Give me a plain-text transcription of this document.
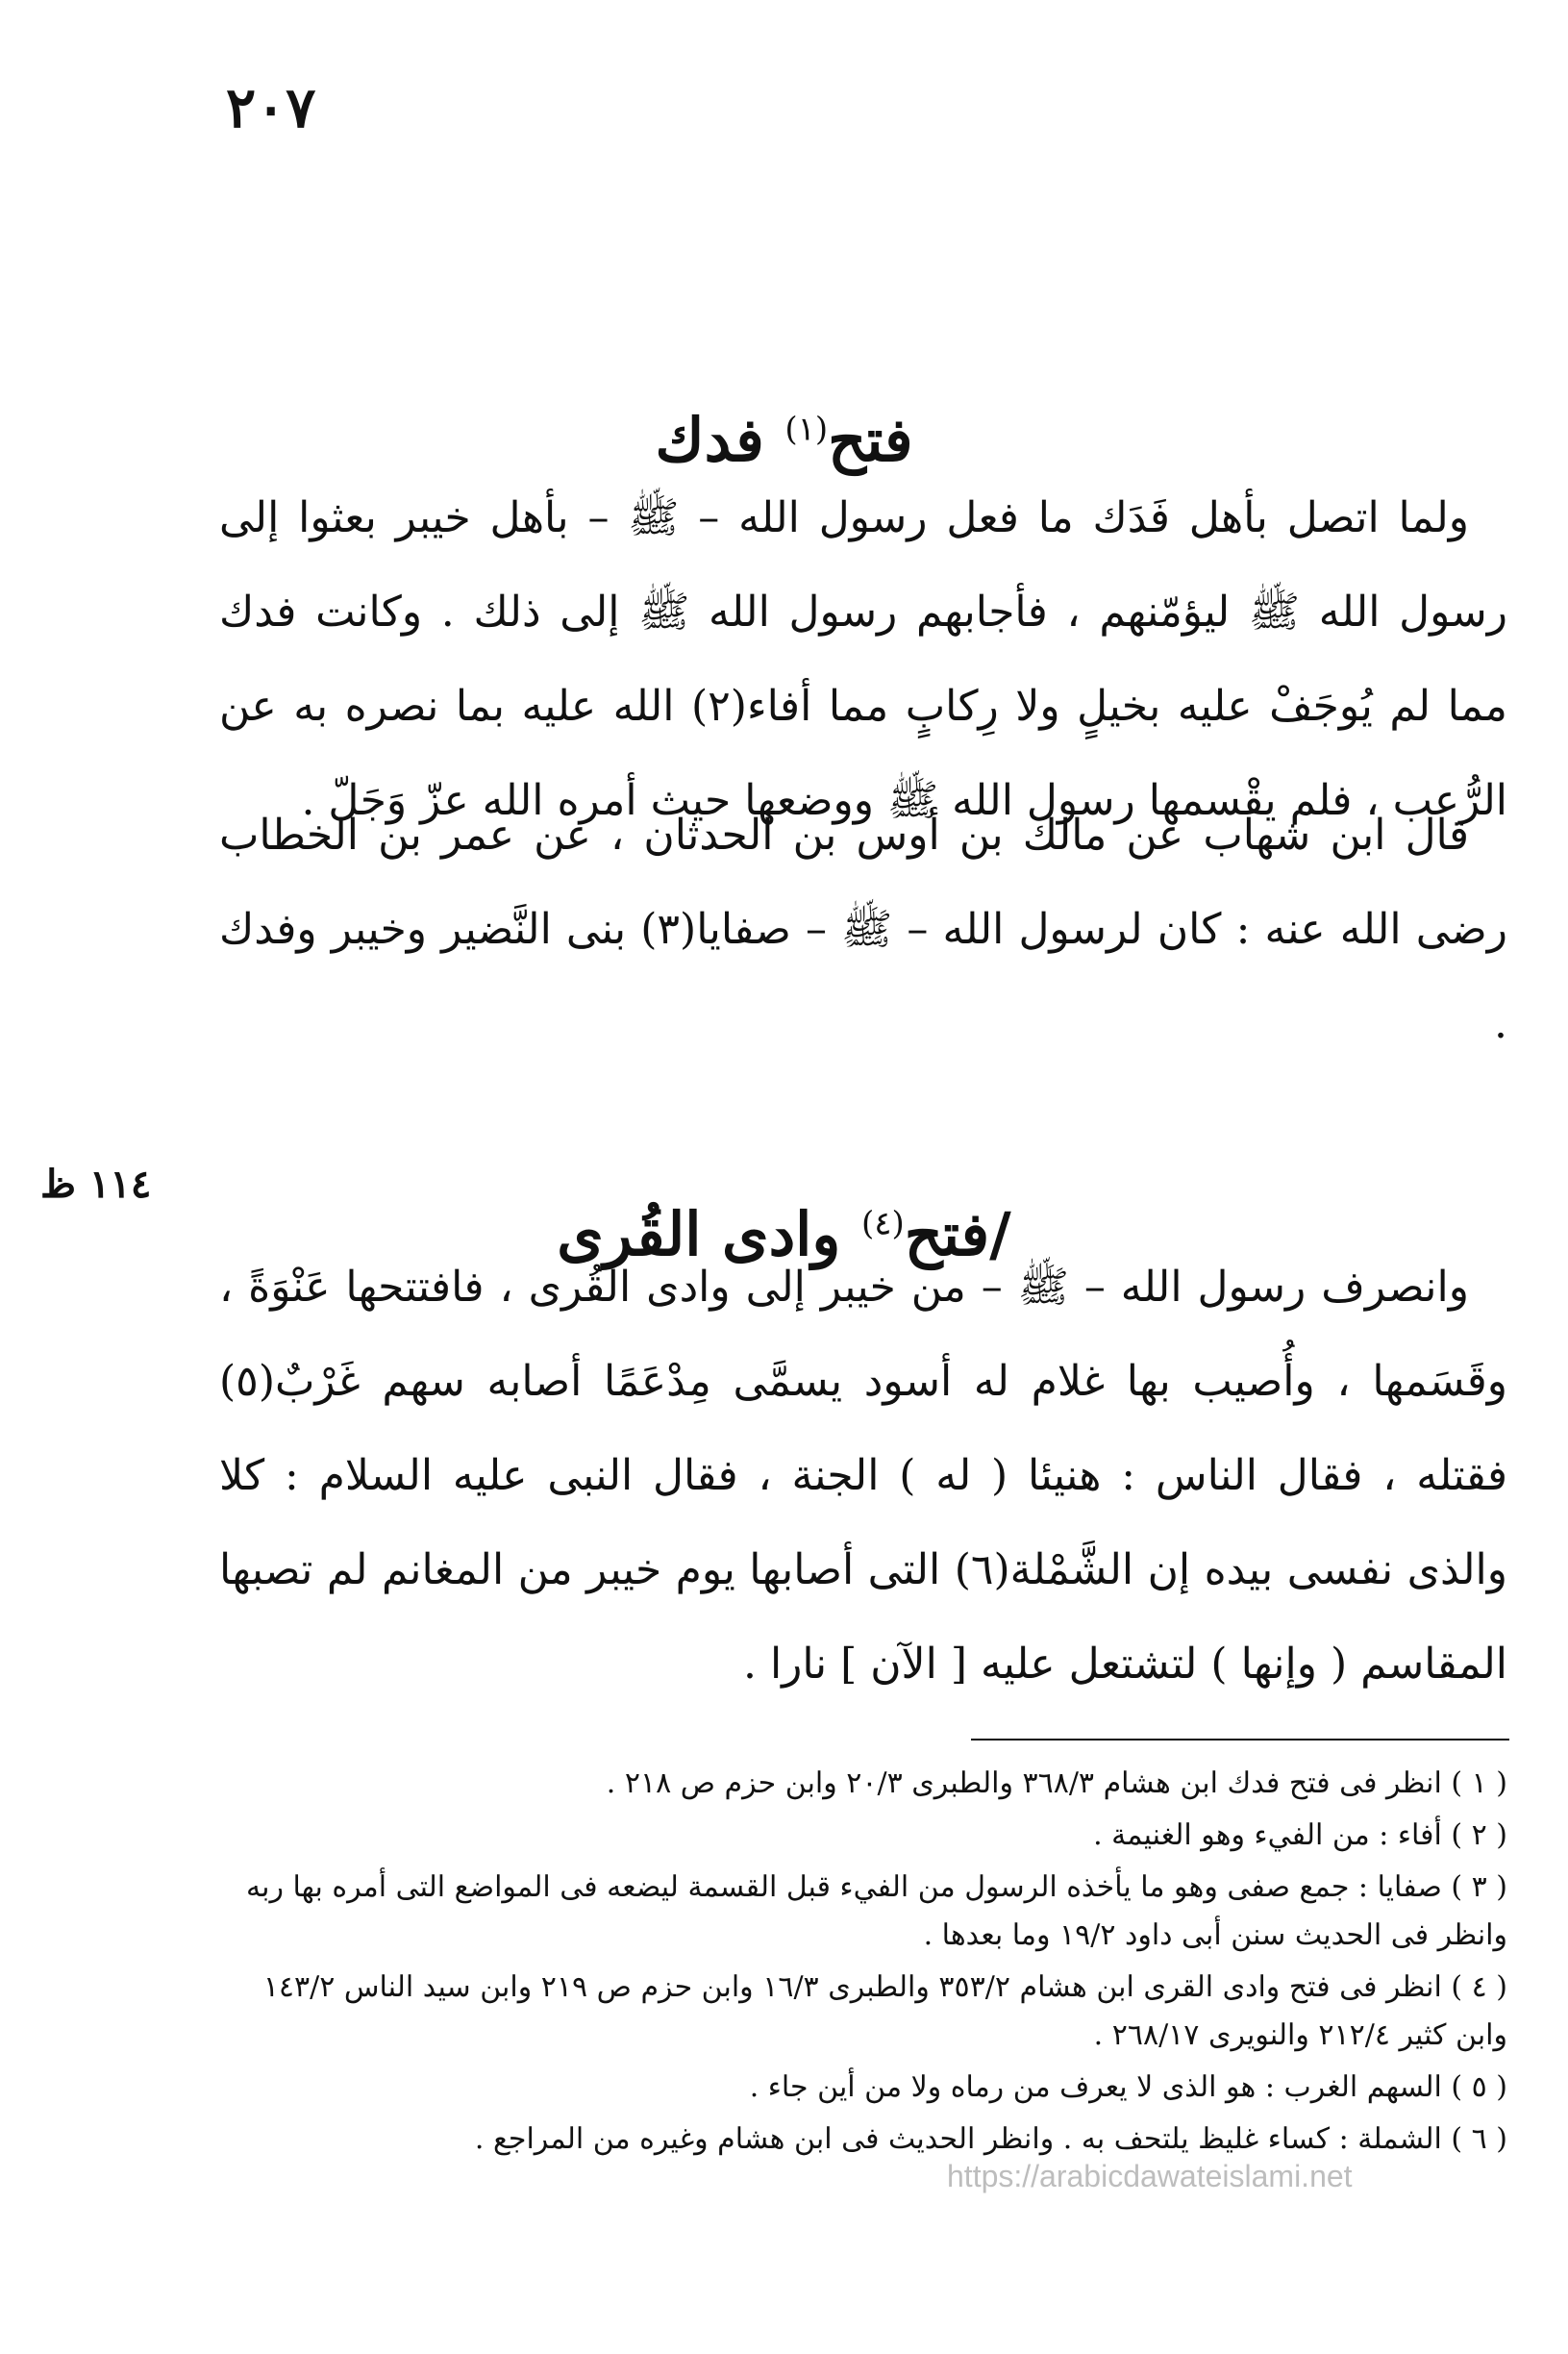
٢٠٧
١١٤ ظ
فتح$^{(١)}$ فدك

ولما اتصل بأهل فَدَك ما فعل رسول الله – ﷺ – بأهل خيبر بعثوا إلى رسول الله ﷺ ليؤمّنهم ، فأجابهم رسول الله ﷺ إلى ذلك . وكانت فدك مما لم يُوجَفْ عليه بخيلٍ ولا رِكابٍ مما أفاء(٢) الله عليه بما نصره به عن الرُّعب ، فلم يقْسمها رسول الله ﷺ ووضعها حيث أمره الله عزّ وَجَلّ .

قال ابن شهاب عن مالك بن أوس بن الحدثان ، عن عمر بن الخطاب رضى الله عنه : كان لرسول الله – ﷺ – صفايا(٣) بنى النَّضير وخيبر وفدك .

/فتح$^{(٤)}$ وادى القُرى

وانصرف رسول الله – ﷺ – من خيبر إلى وادى القُرى ، فافتتحها عَنْوَةً ، وقَسَمها ، وأُصيب بها غلام له أسود يسمَّى مِدْعَمًا أصابه سهم غَرْبٌ(٥) فقتله ، فقال الناس : هنيئا ( له ) الجنة ، فقال النبى عليه السلام : كلا والذى نفسى بيده إن الشَّمْلة(٦) التى أصابها يوم خيبر من المغانم لم تصبها المقاسم ( وإنها ) لتشتعل عليه [ الآن ] نارا .

( ١ ) انظر فى فتح فدك ابن هشام ٣٦٨/٣ والطبرى ٢٠/٣ وابن حزم ص ٢١٨ .
( ٢ ) أفاء : من الفيء وهو الغنيمة .
( ٣ ) صفايا : جمع صفى وهو ما يأخذه الرسول من الفيء قبل القسمة ليضعه فى المواضع التى أمره بها ربه وانظر فى الحديث سنن أبى داود ١٩/٢ وما بعدها .
( ٤ ) انظر فى فتح وادى القرى ابن هشام ٣٥٣/٢ والطبرى ١٦/٣ وابن حزم ص ٢١٩ وابن سيد الناس ١٤٣/٢ وابن كثير ٢١٢/٤ والنويرى ٢٦٨/١٧ .
( ٥ ) السهم الغرب : هو الذى لا يعرف من رماه ولا من أين جاء .
( ٦ ) الشملة : كساء غليظ يلتحف به . وانظر الحديث فى ابن هشام وغيره من المراجع .
https://arabicdawateislami.net
